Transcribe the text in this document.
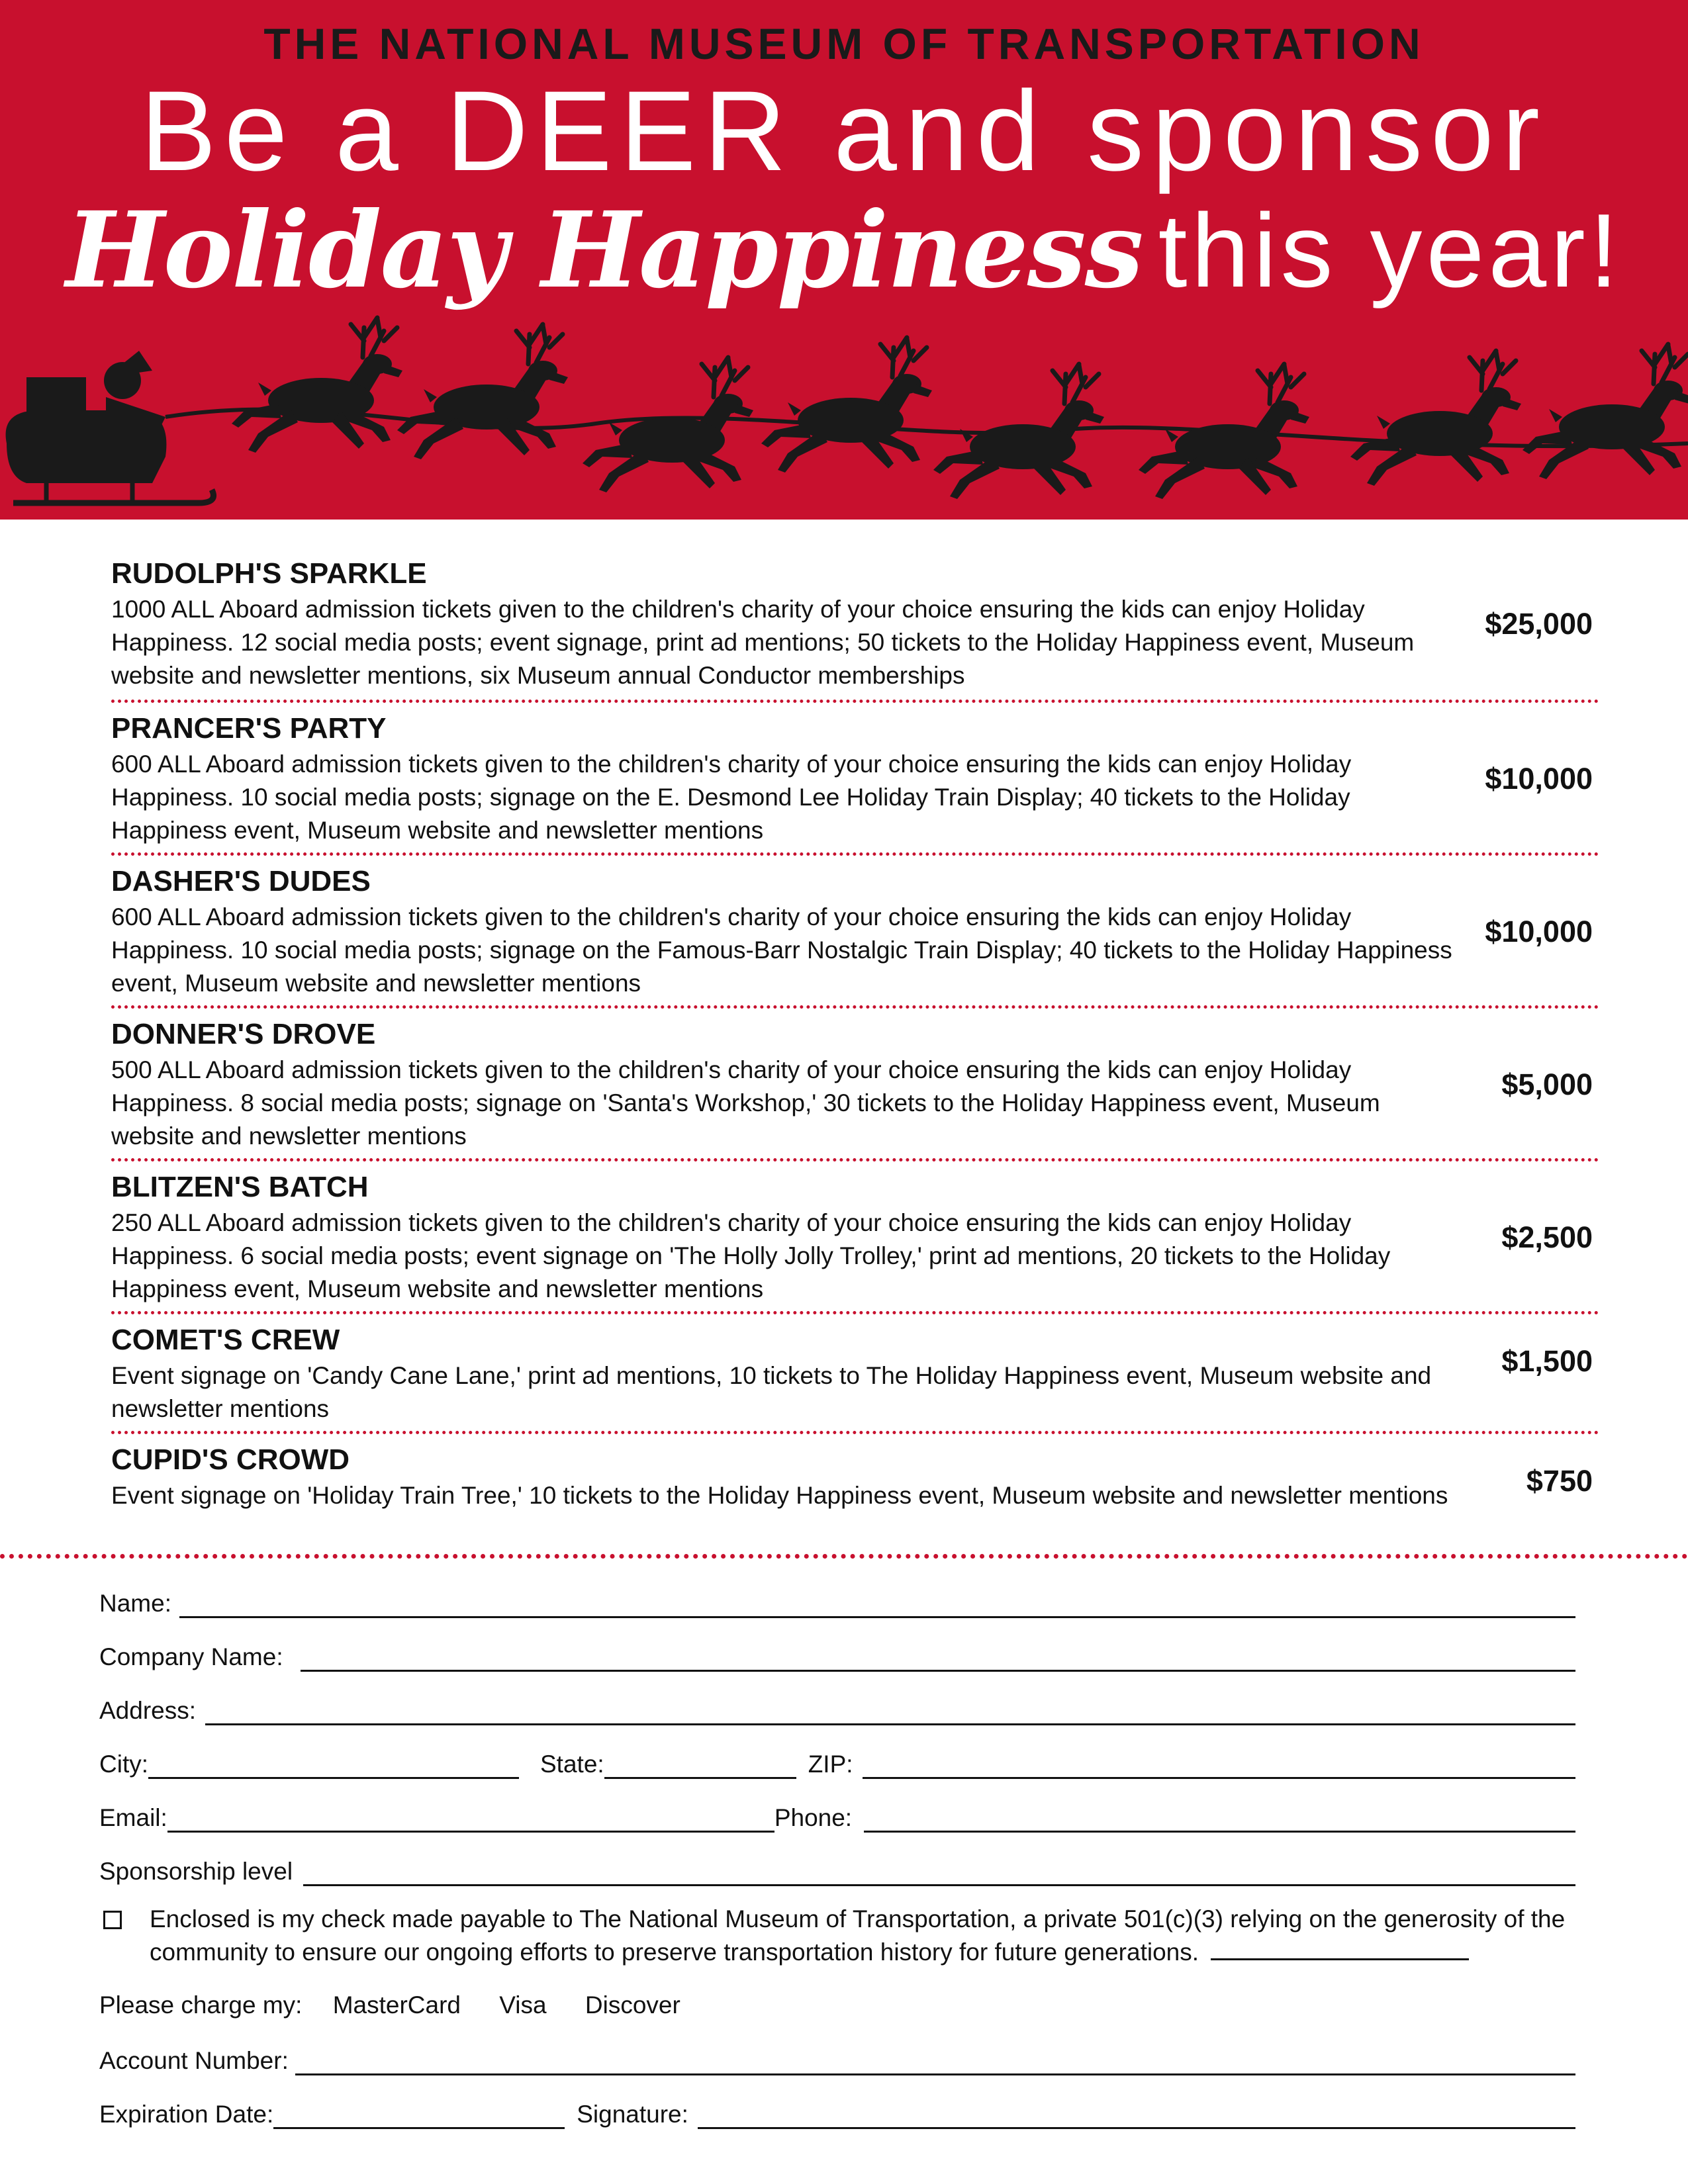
THE NATIONAL MUSEUM OF TRANSPORTATION
Be a DEER and sponsor
Holiday Happiness this year!
RUDOLPH'S SPARKLE
1000 ALL Aboard admission tickets given to the children's charity of your choice ensuring the kids can enjoy Holiday Happiness. 12 social media posts; event signage, print ad mentions; 50 tickets to the Holiday Happiness event, Museum website and newsletter mentions, six Museum annual Conductor memberships
$25,000
PRANCER'S PARTY
600 ALL Aboard admission tickets given to the children's charity of your choice ensuring the kids can enjoy Holiday Happiness. 10 social media posts; signage on the E. Desmond Lee Holiday Train Display; 40 tickets to the Holiday Happiness event, Museum website and newsletter mentions
$10,000
DASHER'S DUDES
600 ALL Aboard admission tickets given to the children's charity of your choice ensuring the kids can enjoy Holiday Happiness. 10 social media posts; signage on the Famous-Barr Nostalgic Train Display; 40 tickets to the Holiday Happiness event, Museum website and newsletter mentions
$10,000
DONNER'S DROVE
500 ALL Aboard admission tickets given to the children's charity of your choice ensuring the kids can enjoy Holiday Happiness. 8 social media posts; signage on 'Santa's Workshop,' 30 tickets to the Holiday Happiness event, Museum website and newsletter mentions
$5,000
BLITZEN'S BATCH
250 ALL Aboard admission tickets given to the children's charity of your choice ensuring the kids can enjoy Holiday Happiness. 6 social media posts; event signage on 'The Holly Jolly Trolley,' print ad mentions, 20 tickets to the Holiday Happiness event, Museum website and newsletter mentions
$2,500
COMET'S CREW
Event signage on 'Candy Cane Lane,' print ad mentions, 10 tickets to The Holiday Happiness event, Museum website and newsletter mentions
$1,500
CUPID'S CROWD
Event signage on 'Holiday Train Tree,' 10 tickets to the Holiday Happiness event, Museum website and newsletter mentions	$750
Name:
Company Name:
Address:
City:	State:	ZIP:
Email:	Phone:
Sponsorship level
Enclosed is my check made payable to The National Museum of Transportation, a private 501(c)(3) relying on the generosity of the community to ensure our ongoing efforts to preserve transportation history for future generations.
Please charge my: MasterCard Visa Discover
Account Number:
Expiration Date:	Signature:
